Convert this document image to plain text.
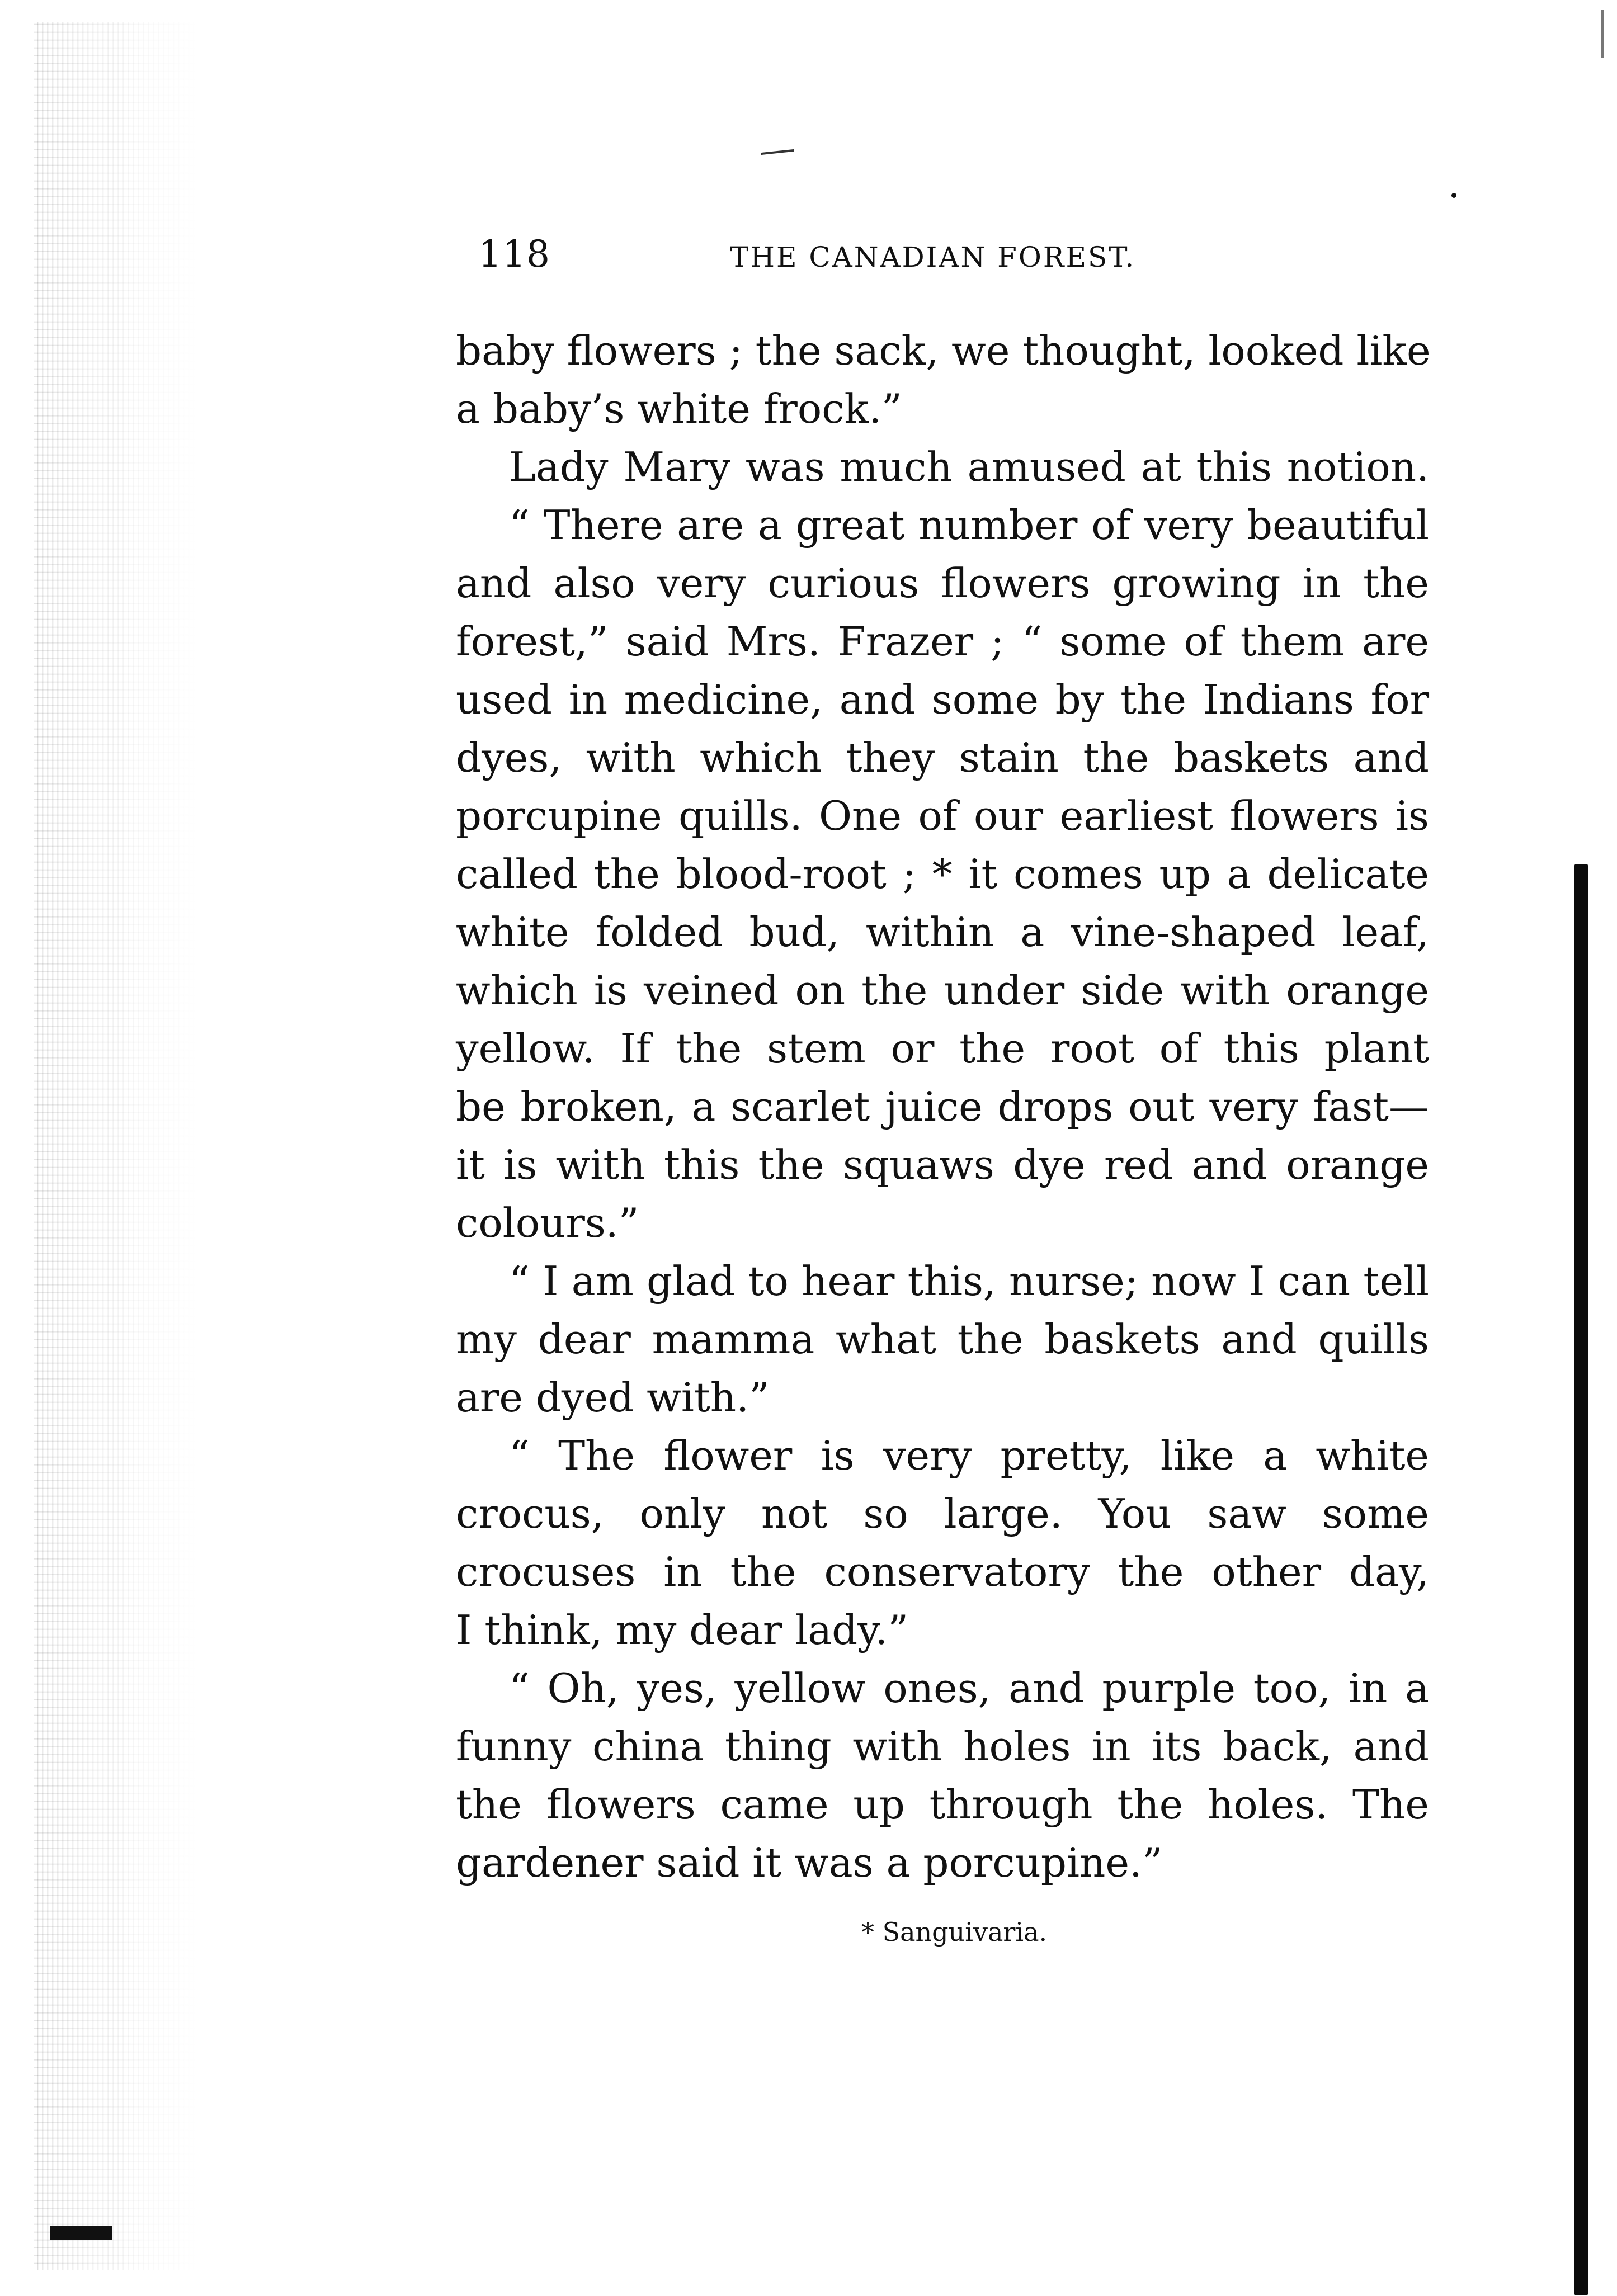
118	THE CANADIAN FOREST.
baby flowers ; the sack, we thought, looked like
a baby’s white frock.”
Lady Mary was much amused at this notion.
“ There are a great number of very beautiful
and also very curious flowers growing in the
forest,” said Mrs. Frazer ; “ some of them are
used in medicine, and some by the Indians for
dyes, with which they stain the baskets and
porcupine quills. One of our earliest flowers is
called the blood-root ; * it comes up a delicate
white folded bud, within a vine-shaped leaf,
which is veined on the under side with orange
yellow. If the stem or the root of this plant
be broken, a scarlet juice drops out very fast—
it is with this the squaws dye red and orange
colours.”
“ I am glad to hear this, nurse; now I can tell
my dear mamma what the baskets and quills
are dyed with.”
“ The flower is very pretty, like a white
crocus, only not so large. You saw some
crocuses in the conservatory the other day,
I think, my dear lady.”
“ Oh, yes, yellow ones, and purple too, in a
funny china thing with holes in its back, and
the flowers came up through the holes. The
gardener said it was a porcupine.”
* Sanguivaria.
